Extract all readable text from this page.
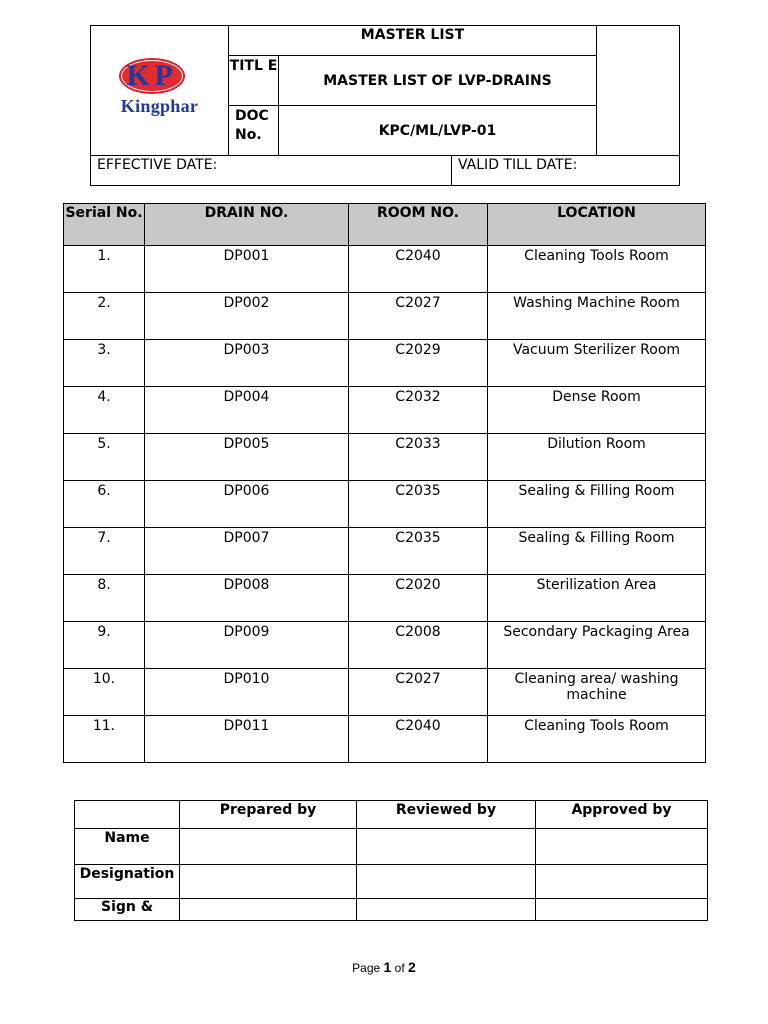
K P
Kingphar	MASTER LIST			
	TITL E	MASTER LIST OF LVP-DRAINS		
	DOC No.	KPC/ML/LVP-01		
EFFECTIVE DATE:			VALID TILL DATE:	
Serial No.	DRAIN NO.	ROOM NO.	LOCATION
1.	DP001	C2040	Cleaning Tools Room
2.	DP002	C2027	Washing Machine Room
3.	DP003	C2029	Vacuum Sterilizer Room
4.	DP004	C2032	Dense Room
5.	DP005	C2033	Dilution Room
6.	DP006	C2035	Sealing & Filling Room
7.	DP007	C2035	Sealing & Filling Room
8.	DP008	C2020	Sterilization Area
9.	DP009	C2008	Secondary Packaging Area
10.	DP010	C2027	Cleaning area/ washing machine
11.	DP011	C2040	Cleaning Tools Room
	Prepared by	Reviewed by	Approved by
Name			
Designation			
Sign &			
Page 1 of 2
